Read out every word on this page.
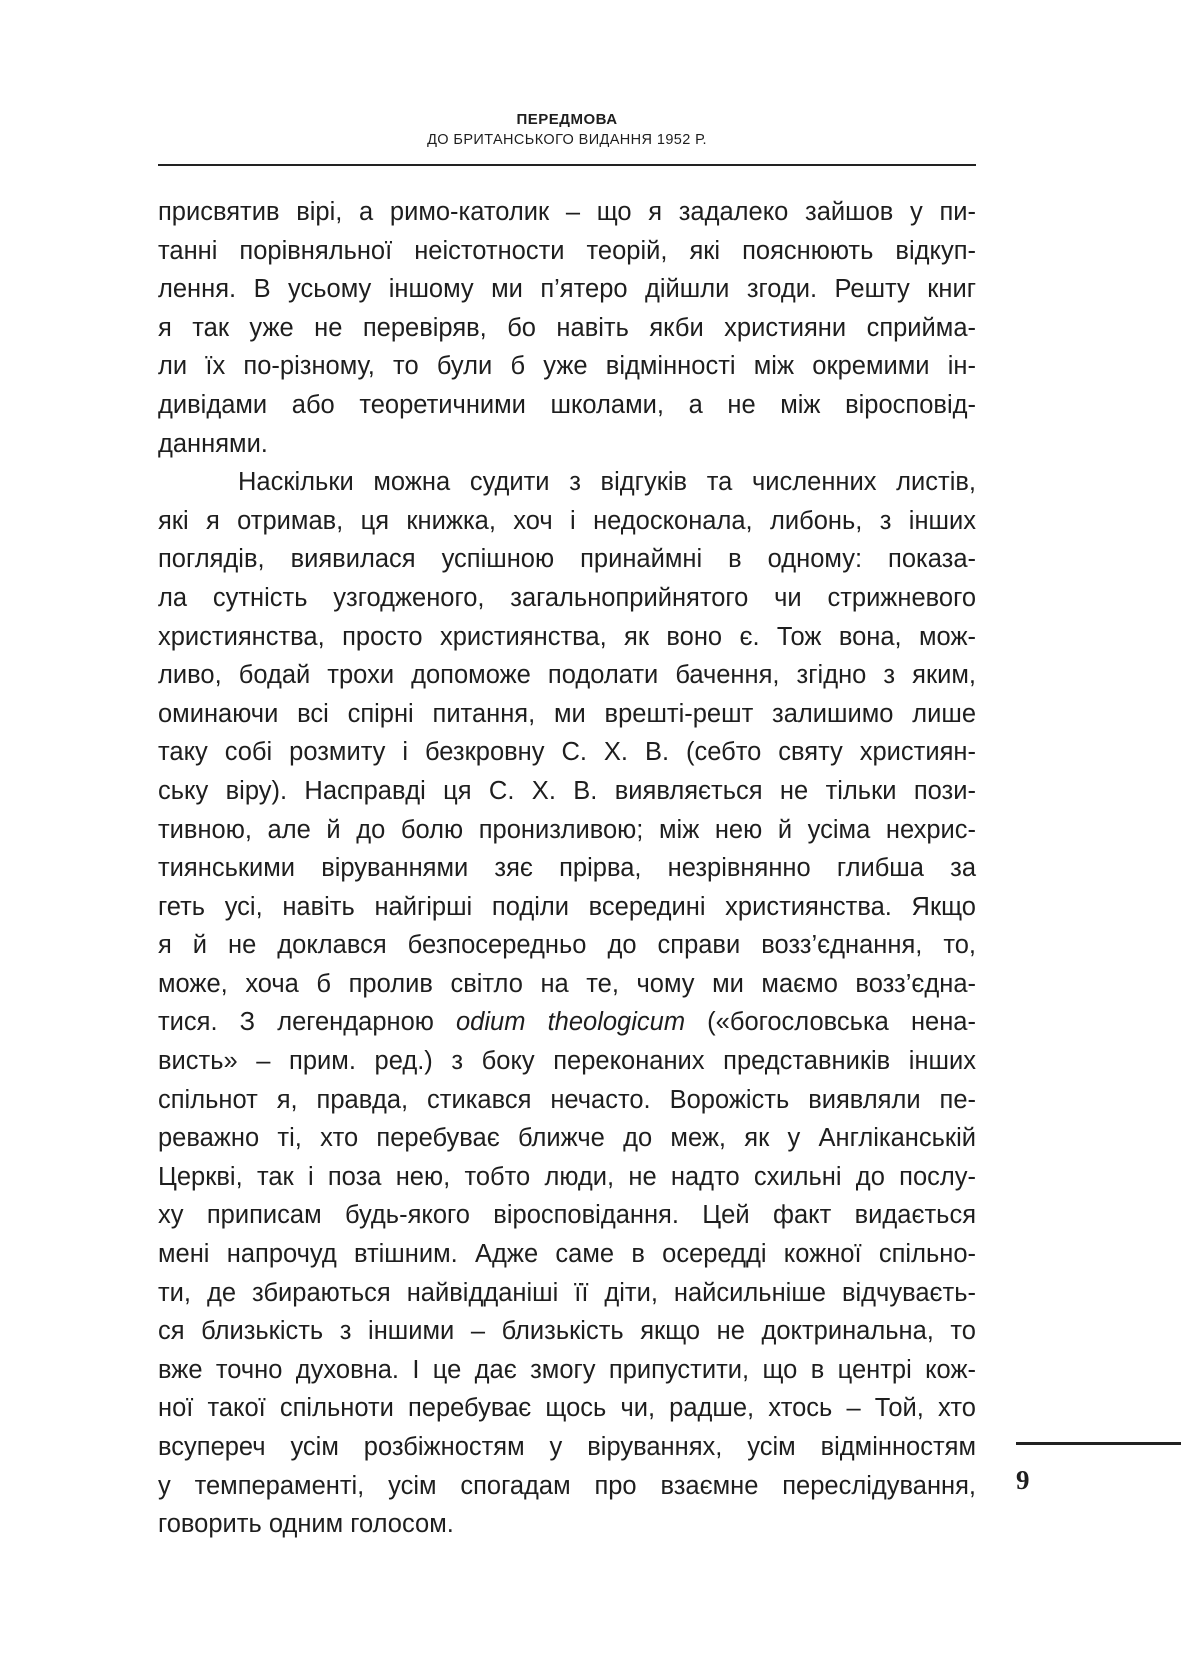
ПЕРЕДМОВА
ДО БРИТАНСЬКОГО ВИДАННЯ 1952 Р.
присвятив вірі, а римо-католик – що я задалеко зайшов у пи-
танні порівняльної неістотности теорій, які пояснюють відкуп-
лення. В усьому іншому ми п’ятеро дійшли згоди. Решту книг
я так уже не перевіряв, бо навіть якби християни сприйма-
ли їх по-різному, то були б уже відмінності між окремими ін-
дивідами або теоретичними школами, а не між віросповід-
даннями.
Наскільки можна судити з відгуків та численних листів,
які я отримав, ця книжка, хоч і недосконала, либонь, з інших
поглядів, виявилася успішною принаймні в одному: показа-
ла сутність узгодженого, загальноприйнятого чи стрижневого
християнства, просто християнства, як воно є. Тож вона, мож-
ливо, бодай трохи допоможе подолати бачення, згідно з яким,
оминаючи всі спірні питання, ми врешті-решт залишимо лише
таку собі розмиту і безкровну С. Х. В. (себто святу християн-
ську віру). Насправді ця С. Х. В. виявляється не тільки пози-
тивною, але й до болю пронизливою; між нею й усіма нехрис-
тиянськими віруваннями зяє прірва, незрівнянно глибша за
геть усі, навіть найгірші поділи всередині християнства. Якщо
я й не доклався безпосередньо до справи возз’єднання, то,
може, хоча б пролив світло на те, чому ми маємо возз’єдна-
тися. З легендарною odium theologicum («богословська нена-
висть» – прим. ред.) з боку переконаних представників інших
спільнот я, правда, стикався нечасто. Ворожість виявляли пе-
реважно ті, хто перебуває ближче до меж, як у Англіканській
Церкві, так і поза нею, тобто люди, не надто схильні до послу-
ху приписам будь-якого віросповідання. Цей факт видається
мені напрочуд втішним. Адже саме в осередді кожної спільно-
ти, де збираються найвідданіші її діти, найсильніше відчуваєть-
ся близькість з іншими – близькість якщо не доктринальна, то
вже точно духовна. І це дає змогу припустити, що в центрі кож-
ної такої спільноти перебуває щось чи, радше, хтось – Той, хто
всупереч усім розбіжностям у віруваннях, усім відмінностям
у темпераменті, усім спогадам про взаємне переслідування,
говорить одним голосом.
9
